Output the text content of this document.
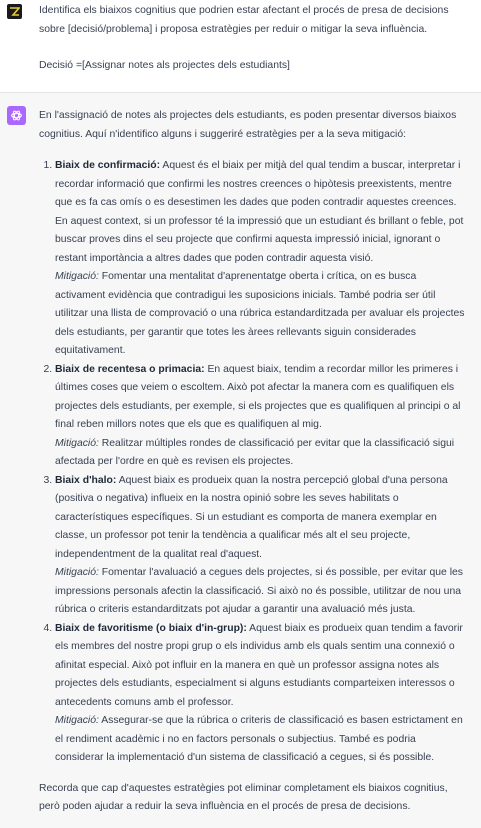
Identifica els biaixos cognitius que podrien estar afectant el procés de presa de decisions sobre [decisió/problema] i proposa estratègies per reduir o mitigar la seva influència.

Decisió =[Assignar notes als projectes dels estudiants]

En l'assignació de notes als projectes dels estudiants, es poden presentar diversos biaixos cognitius. Aquí n'identifico alguns i suggeriré estratègies per a la seva mitigació:

1. Biaix de confirmació: Aquest és el biaix per mitjà del qual tendim a buscar, interpretar i recordar informació que confirmi les nostres creences o hipòtesis preexistents, mentre que es fa cas omís o es desestimen les dades que poden contradir aquestes creences. En aquest context, si un professor té la impressió que un estudiant és brillant o feble, pot buscar proves dins el seu projecte que confirmi aquesta impressió inicial, ignorant o restant importància a altres dades que poden contradir aquesta visió.
Mitigació: Fomentar una mentalitat d'aprenentatge oberta i crítica, on es busca activament evidència que contradigui les suposicions inicials. També podria ser útil utilitzar una llista de comprovació o una rúbrica estandarditzada per avaluar els projectes dels estudiants, per garantir que totes les àrees rellevants siguin considerades equitativament.
2. Biaix de recentesa o primacia: En aquest biaix, tendim a recordar millor les primeres i últimes coses que veiem o escoltem. Això pot afectar la manera com es qualifiquen els projectes dels estudiants, per exemple, si els projectes que es qualifiquen al principi o al final reben millors notes que els que es qualifiquen al mig.
Mitigació: Realitzar múltiples rondes de classificació per evitar que la classificació sigui afectada per l'ordre en què es revisen els projectes.
3. Biaix d'halo: Aquest biaix es produeix quan la nostra percepció global d'una persona (positiva o negativa) influeix en la nostra opinió sobre les seves habilitats o característiques específiques. Si un estudiant es comporta de manera exemplar en classe, un professor pot tenir la tendència a qualificar més alt el seu projecte, independentment de la qualitat real d'aquest.
Mitigació: Fomentar l'avaluació a cegues dels projectes, si és possible, per evitar que les impressions personals afectin la classificació. Si això no és possible, utilitzar de nou una rúbrica o criteris estandarditzats pot ajudar a garantir una avaluació més justa.
4. Biaix de favoritisme (o biaix d'in-grup): Aquest biaix es produeix quan tendim a favorir els membres del nostre propi grup o els individus amb els quals sentim una connexió o afinitat especial. Això pot influir en la manera en què un professor assigna notes als projectes dels estudiants, especialment si alguns estudiants comparteixen interessos o antecedents comuns amb el professor.
Mitigació: Assegurar-se que la rúbrica o criteris de classificació es basen estrictament en el rendiment acadèmic i no en factors personals o subjectius. També es podria considerar la implementació d'un sistema de classificació a cegues, si és possible.

Recorda que cap d'aquestes estratègies pot eliminar completament els biaixos cognitius, però poden ajudar a reduir la seva influència en el procés de presa de decisions.
